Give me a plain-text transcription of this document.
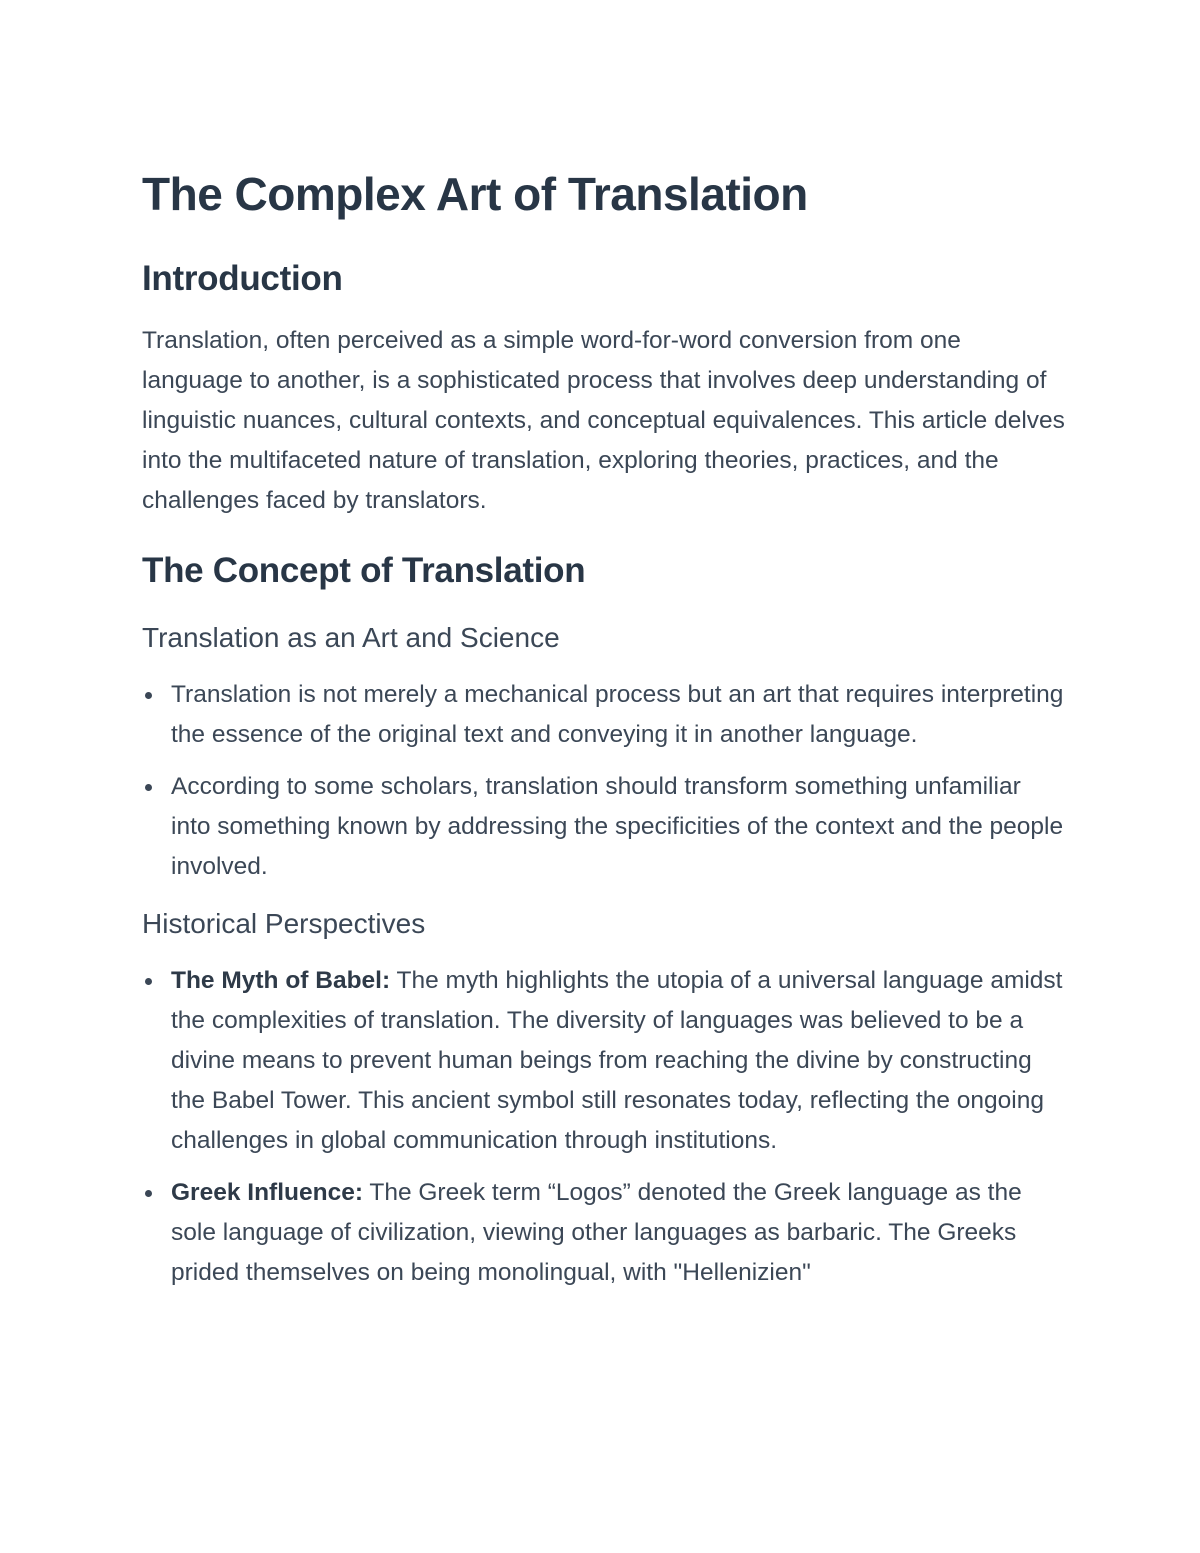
The Complex Art of Translation
Introduction

Translation, often perceived as a simple word-for-word conversion from one language to another, is a sophisticated process that involves deep understanding of linguistic nuances, cultural contexts, and conceptual equivalences. This article delves into the multifaceted nature of translation, exploring theories, practices, and the challenges faced by translators.

The Concept of Translation
Translation as an Art and Science
Translation is not merely a mechanical process but an art that requires interpreting the essence of the original text and conveying it in another language.
According to some scholars, translation should transform something unfamiliar into something known by addressing the specificities of the context and the people involved.
Historical Perspectives
The Myth of Babel: The myth highlights the utopia of a universal language amidst the complexities of translation. The diversity of languages was believed to be a divine means to prevent human beings from reaching the divine by constructing the Babel Tower. This ancient symbol still resonates today, reflecting the ongoing challenges in global communication through institutions.
Greek Influence: The Greek term “Logos” denoted the Greek language as the sole language of civilization, viewing other languages as barbaric. The Greeks prided themselves on being monolingual, with "Hellenizien"
